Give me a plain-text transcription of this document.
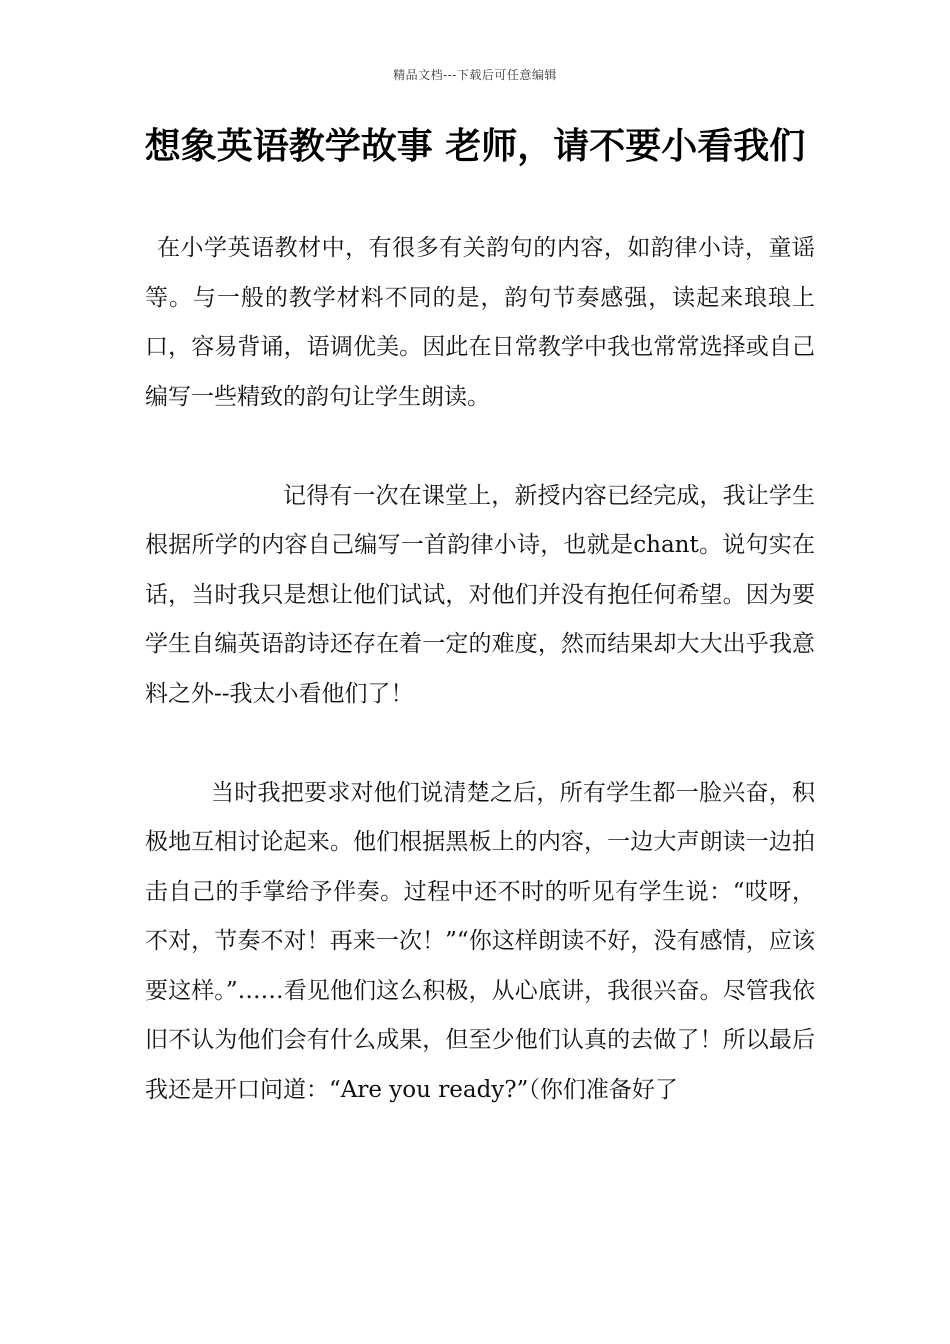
精品文档---下载后可任意编辑
想象英语教学故事 老师，请不要小看我们

在小学英语教材中，有很多有关韵句的内容，如韵律小诗，童谣等。与一般的教学材料不同的是，韵句节奏感强，读起来琅琅上口，容易背诵，语调优美。因此在日常教学中我也常常选择或自己编写一些精致的韵句让学生朗读。

记得有一次在课堂上，新授内容已经完成，我让学生根据所学的内容自己编写一首韵律小诗，也就是chant。说句实在话，当时我只是想让他们试试，对他们并没有抱任何希望。因为要学生自编英语韵诗还存在着一定的难度，然而结果却大大出乎我意料之外--我太小看他们了！

当时我把要求对他们说清楚之后，所有学生都一脸兴奋，积极地互相讨论起来。他们根据黑板上的内容，一边大声朗读一边拍击自己的手掌给予伴奏。过程中还不时的听见有学生说：“哎呀，不对，节奏不对！再来一次！”“你这样朗读不好，没有感情，应该要这样。”……看见他们这么积极，从心底讲，我很兴奋。尽管我依旧不认为他们会有什么成果，但至少他们认真的去做了！所以最后我还是开口问道：“Are you ready?”（你们准备好了
